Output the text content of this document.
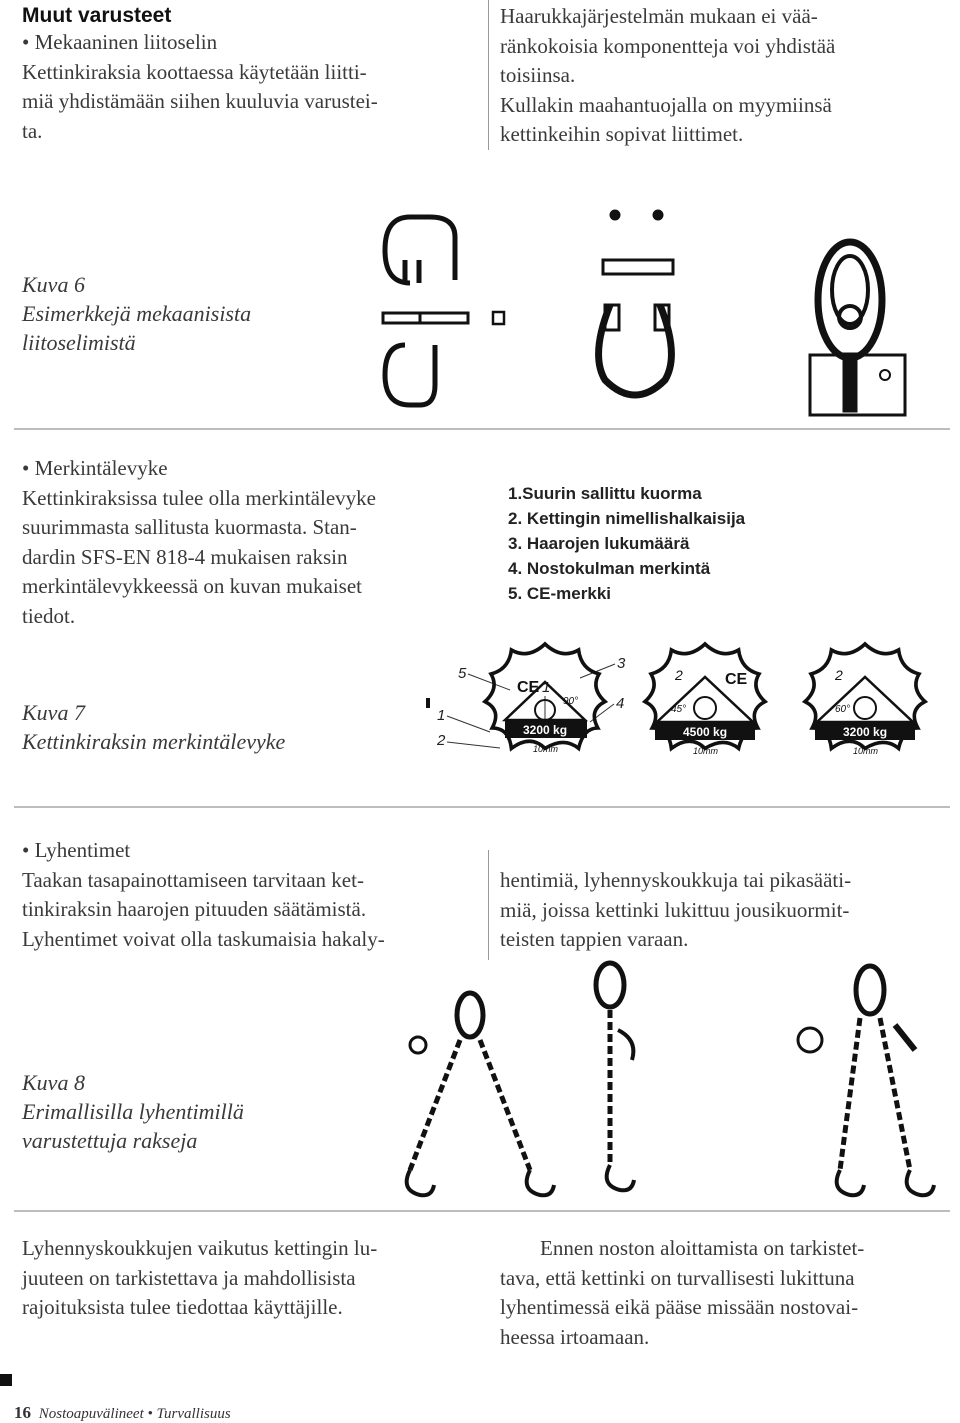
Muut varusteet
• Mekaaninen liitoselin
Kettinkiraksia koottaessa käytetään liitti-
miä yhdistämään siihen kuuluvia varustei-
ta.
Haarukkajärjestelmän mukaan ei vää-
ränkokoisia komponentteja voi yhdistää
toisiinsa.
Kullakin maahantuojalla on myymiinsä
kettinkeihin sopivat liittimet.
Kuva 6
Esimerkkejä mekaanisista
liitoselimistä
• Merkintälevyke
Kettinkiraksissa tulee olla merkintälevyke
suurimmasta sallitusta kuormasta. Stan-
dardin SFS-EN 818-4 mukaisen raksin
merkintälevykkeessä on kuvan mukaiset
tiedot.
1.Suurin sallittu kuorma
2. Kettingin nimellishalkaisija
3. Haarojen lukumäärä
4. Nostokulman merkintä
5. CE-merkki
Kuva 7
Kettinkiraksin merkintälevyke
5
1
3
4
1
2
3200 kg
CE
90°
10mm
4500 kg
CE
45°
2
10mm
3200 kg
60°
2
10mm
• Lyhentimet
Taakan tasapainottamiseen tarvitaan ket-
tinkiraksin haarojen pituuden säätämistä.
Lyhentimet voivat olla taskumaisia hakaly-
hentimiä, lyhennyskoukkuja tai pikasääti-
miä, joissa kettinki lukittuu jousikuormit-
teisten tappien varaan.
Kuva 8
Erimallisilla lyhentimillä
varustettuja rakseja
Lyhennyskoukkujen vaikutus kettingin lu-
juuteen on tarkistettava ja mahdollisista
rajoituksista tulee tiedottaa käyttäjille.
Ennen noston aloittamista on tarkistet-
tava, että kettinki on turvallisesti lukittuna
lyhentimessä eikä pääse missään nostovai-
heessa irtoamaan.
16 Nostoapuvälineet • Turvallisuus
